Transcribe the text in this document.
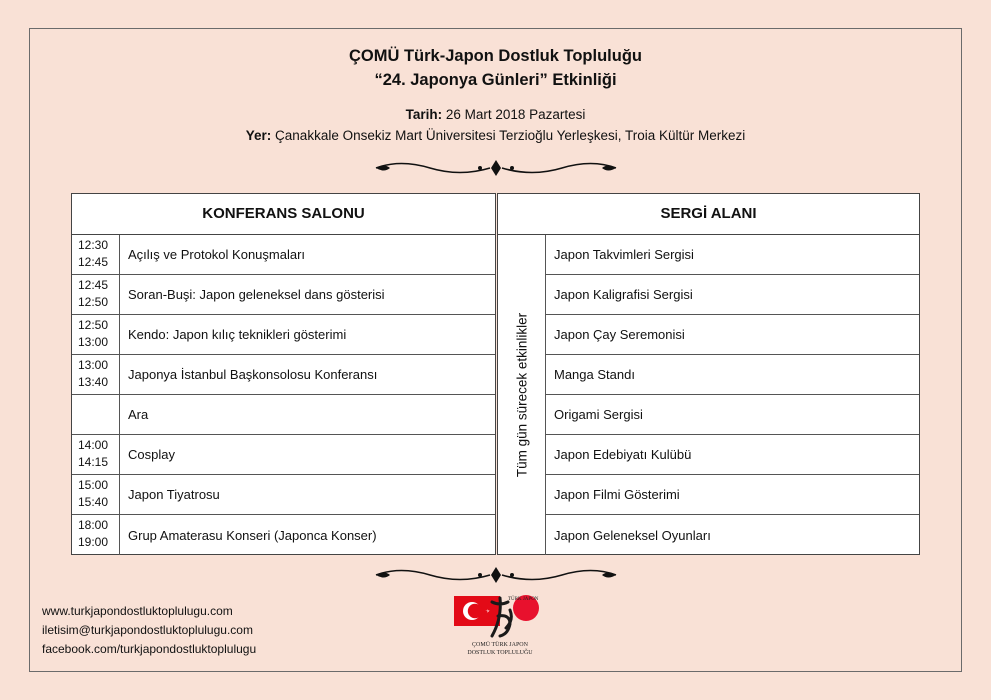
ÇOMÜ Türk-Japon Dostluk Topluluğu
“24. Japonya Günleri” Etkinliği
Tarih: 26 Mart 2018 Pazartesi
Yer: Çanakkale Onsekiz Mart Üniversitesi Terzioğlu Yerleşkesi, Troia Kültür Merkezi
KONFERANS SALONU
12:30
12:45	Açılış ve Protokol Konuşmaları
12:45
12:50	Soran-Buşi: Japon geleneksel dans gösterisi
12:50
13:00	Kendo: Japon kılıç teknikleri gösterimi
13:00
13:40	Japonya İstanbul Başkonsolosu Konferansı
Ara
14:00
14:15	Cosplay
15:00
15:40	Japon Tiyatrosu
18:00
19:00	Grup Amaterasu Konseri (Japonca Konser)
SERGİ ALANI
Tüm gün sürecek etkinlikler
Japon Takvimleri Sergisi
Japon Kaligrafisi Sergisi
Japon Çay Seremonisi
Manga Standı
Origami Sergisi
Japon Edebiyatı Kulübü
Japon Filmi Gösterimi
Japon Geleneksel Oyunları
www.turkjapondostluktoplulugu.com
iletisim@turkjapondostluktoplulugu.com
facebook.com/turkjapondostluktoplulugu
TÜRK JAPON
ÇOMÜ TÜRK JAPON
DOSTLUK TOPLULUĞU
